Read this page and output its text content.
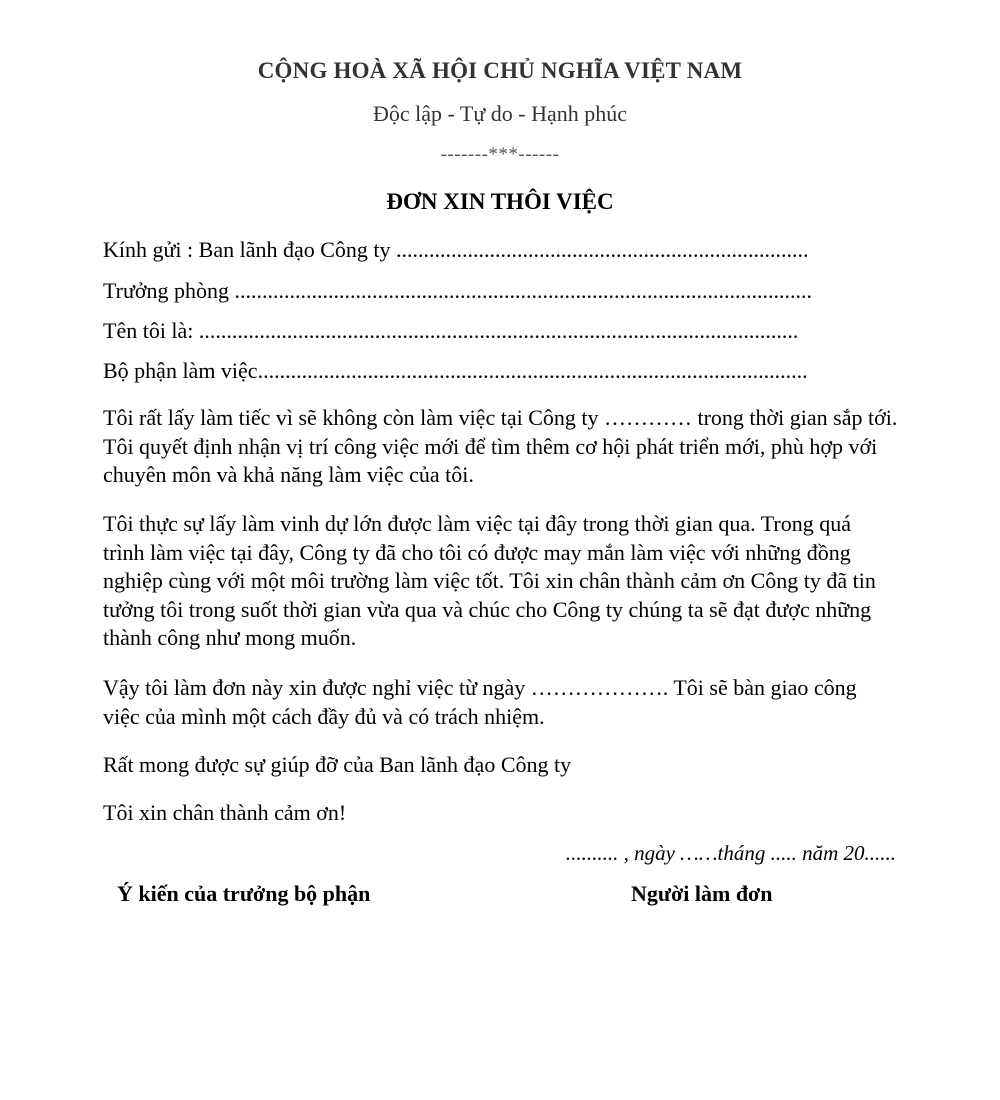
CỘNG HOÀ XÃ HỘI CHỦ NGHĨA VIỆT NAM
Độc lập - Tự do - Hạnh phúc
-------***------
ĐƠN XIN THÔI VIỆC
Kính gửi : Ban lãnh đạo Công ty ...........................................................................
Trưởng phòng .........................................................................................................
Tên tôi là: .............................................................................................................
Bộ phận làm việc....................................................................................................

Tôi rất lấy làm tiếc vì sẽ không còn làm việc tại Công ty ………… trong thời gian sắp tới. Tôi quyết định nhận vị trí công việc mới để tìm thêm cơ hội phát triển mới, phù hợp với chuyên môn và khả năng làm việc của tôi.

Tôi thực sự lấy làm vinh dự lớn được làm việc tại đây trong thời gian qua. Trong quá trình làm việc tại đây, Công ty đã cho tôi có được may mắn làm việc với những đồng nghiệp cùng với một môi trường làm việc tốt. Tôi xin chân thành cảm ơn Công ty đã tin tưởng tôi trong suốt thời gian vừa qua và chúc cho Công ty chúng ta sẽ đạt được những thành công như mong muốn.

Vậy tôi làm đơn này xin được nghỉ việc từ ngày ………………. Tôi sẽ bàn giao công việc của mình một cách đầy đủ và có trách nhiệm.

Rất mong được sự giúp đỡ của Ban lãnh đạo Công ty

Tôi xin chân thành cảm ơn!

.......... , ngày ……tháng ..... năm 20......
Ý kiến của trưởng bộ phận	Người làm đơn
